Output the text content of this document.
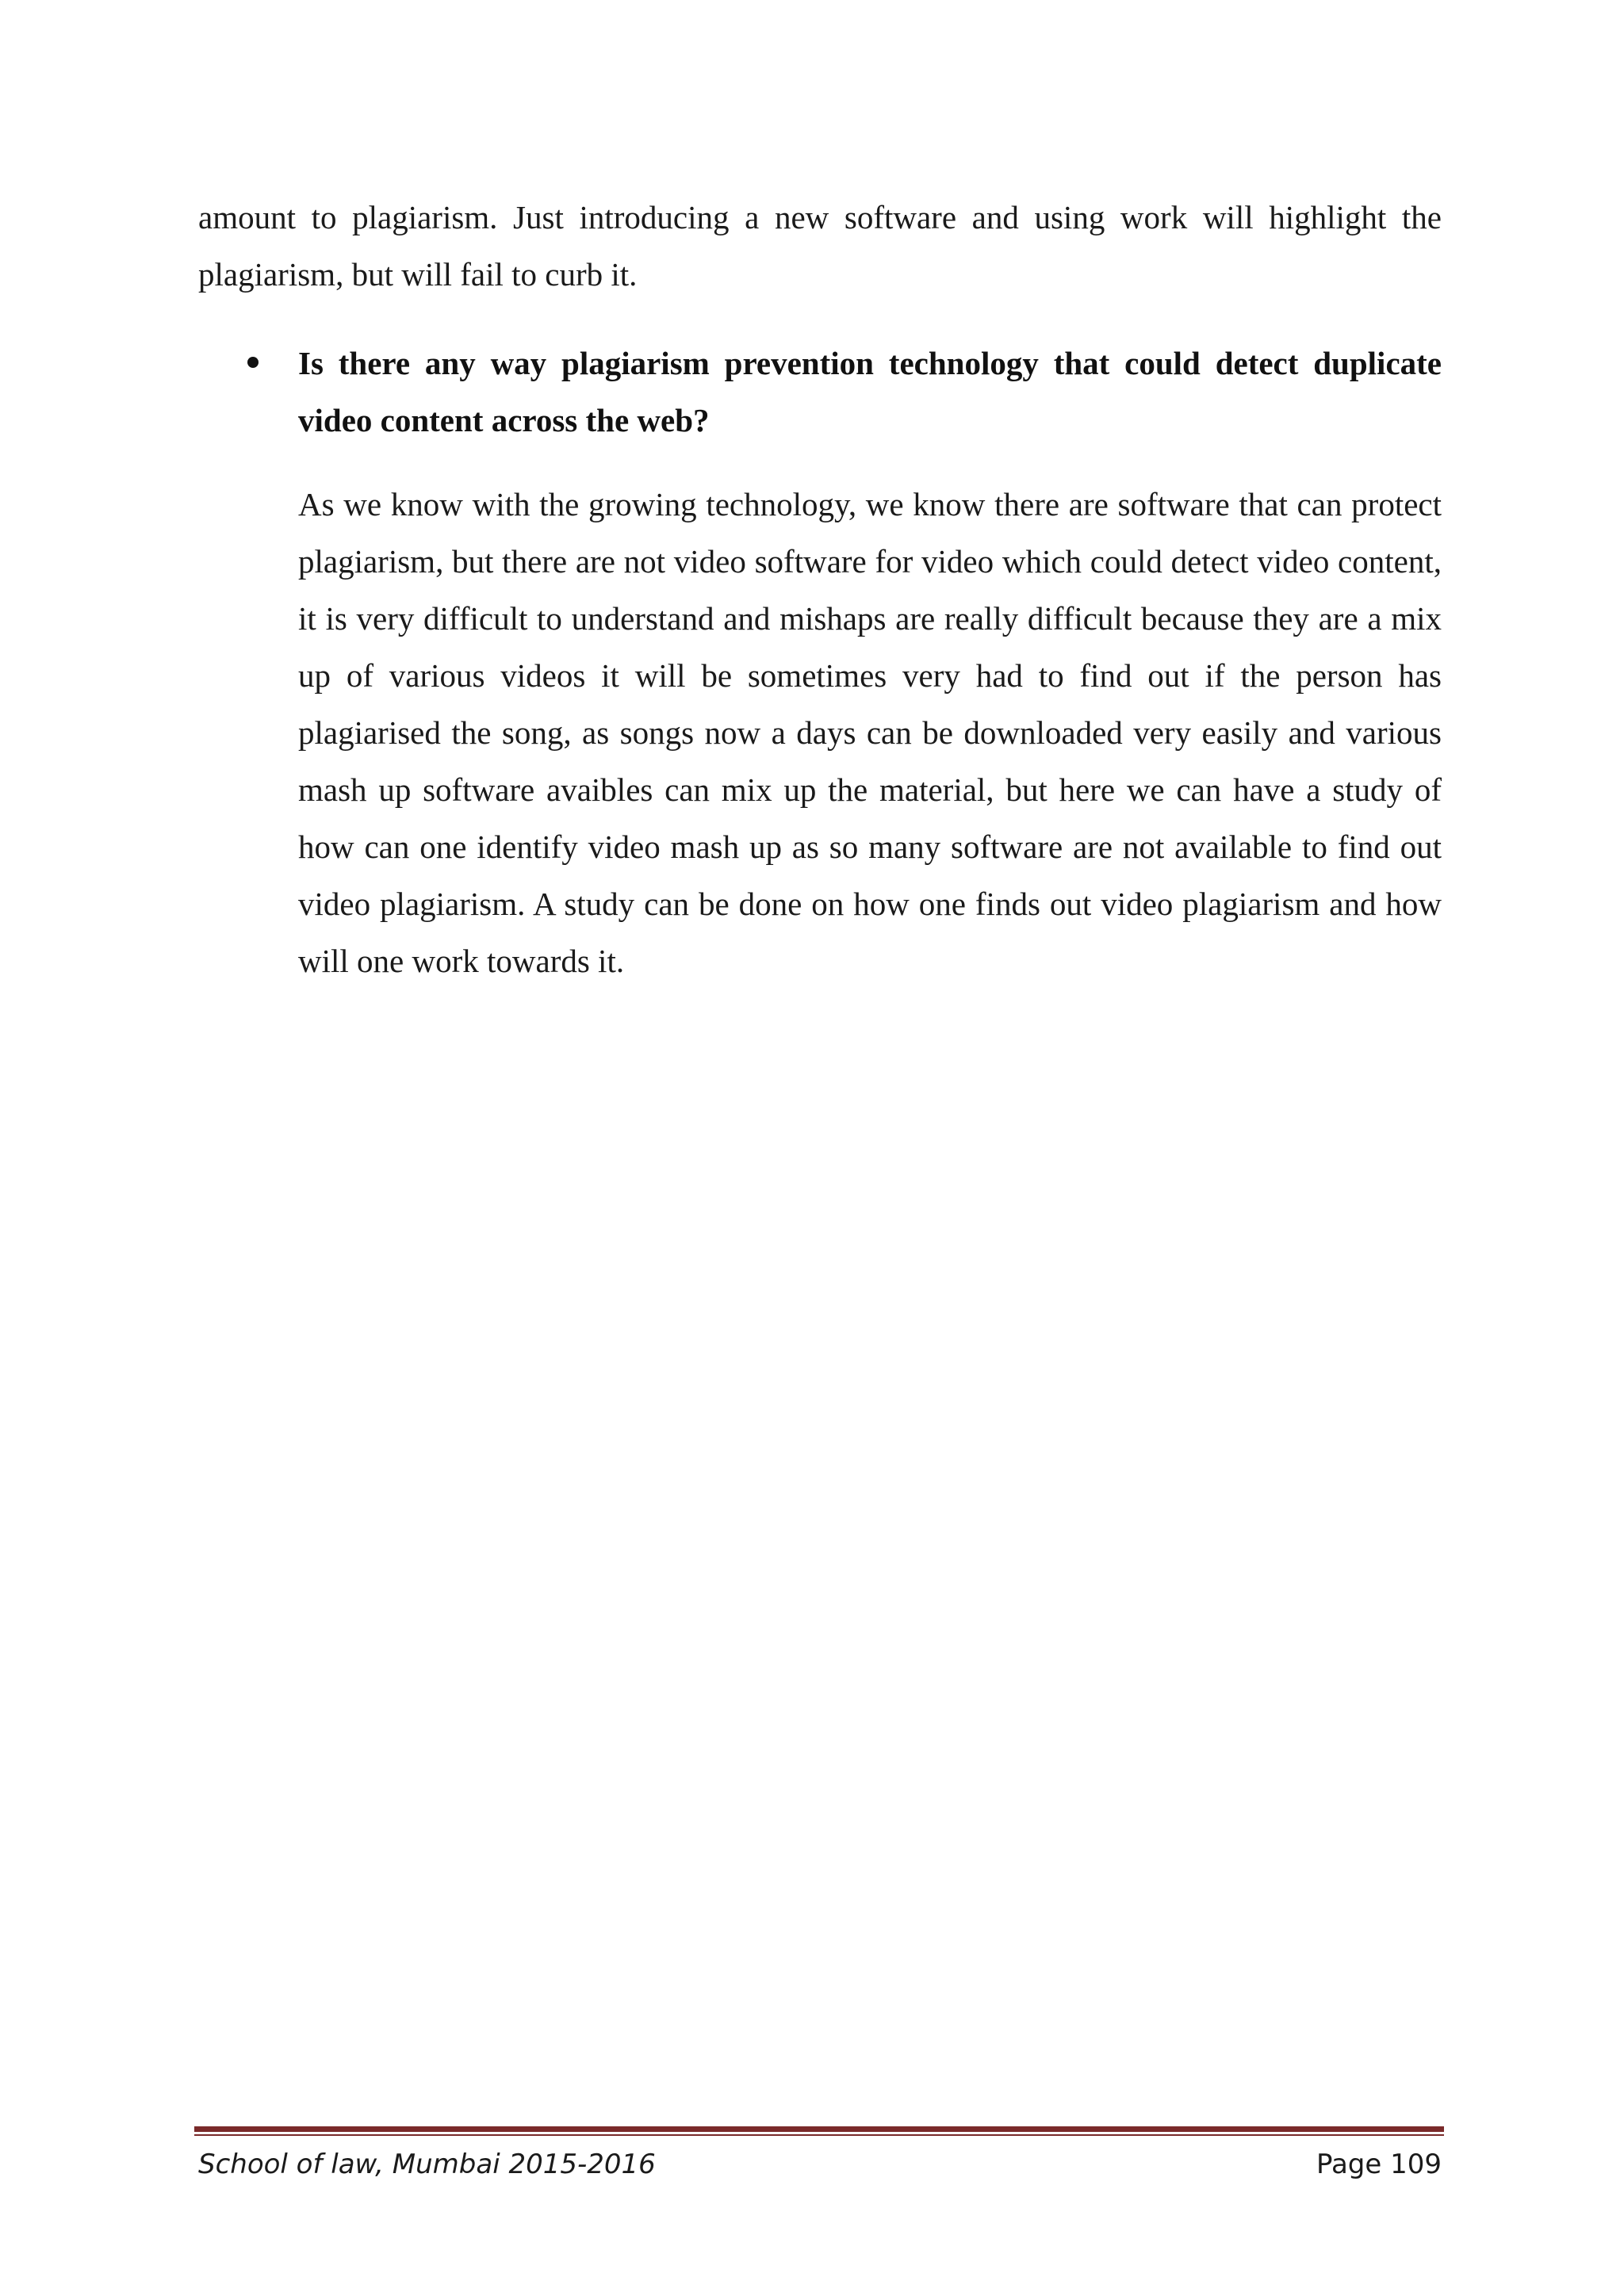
amount to plagiarism. Just introducing a new software and using work will highlight the plagiarism, but will fail to curb it.

Is there any way plagiarism prevention technology that could detect duplicate video content across the web?

As we know with the growing technology, we know there are software that can protect plagiarism, but there are not video software for video which could detect video content, it is very difficult to understand and mishaps are really difficult because they are a mix up of various videos it will be sometimes very had to find out if the person has plagiarised the song, as songs now a days can be downloaded very easily and various mash up software avaibles can mix up the material, but here we can have a study of how can one identify video mash up as so many software are not available to find out video plagiarism. A study can be done on how one finds out video plagiarism and how will one work towards it.

School of law, Mumbai 2015-2016	Page 109
